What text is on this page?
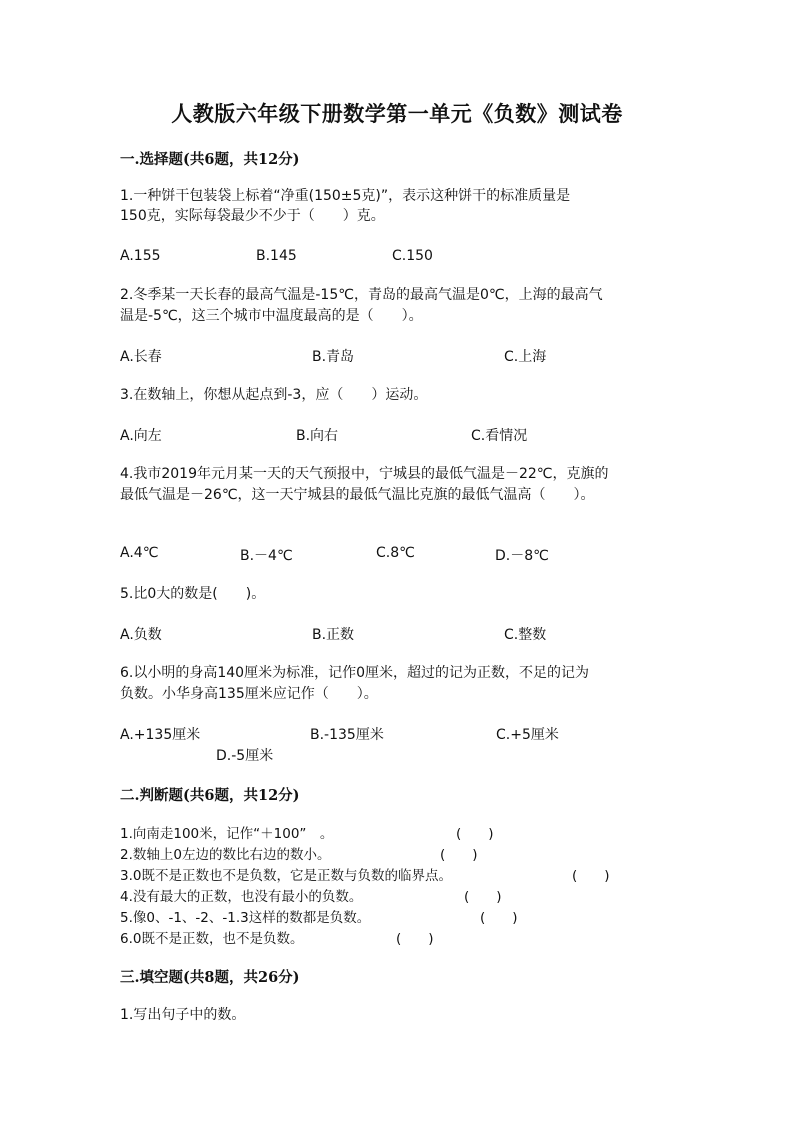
人教版六年级下册数学第一单元《负数》测试卷
一.选择题(共6题，共12分)
1.一种饼干包装袋上标着“净重(150±5克)”，表示这种饼干的标准质量是
150克，实际每袋最少不少于（　　）克。
A.155	B.145	C.150
2.冬季某一天长春的最高气温是-15℃，青岛的最高气温是0℃，上海的最高气
温是-5℃，这三个城市中温度最高的是（　　）。
A.长春	B.青岛	C.上海
3.在数轴上，你想从起点到-3，应（　　）运动。
A.向左	B.向右	C.看情况
4.我市2019年元月某一天的天气预报中，宁城县的最低气温是－22℃，克旗的
最低气温是－26℃，这一天宁城县的最低气温比克旗的最低气温高（　　）。
A.4℃	B.－4℃	C.8℃	D.－8℃
5.比0大的数是(　　)。
A.负数	B.正数	C.整数
6.以小明的身高140厘米为标准，记作0厘米，超过的记为正数，不足的记为
负数。小华身高135厘米应记作（　　）。
A.+135厘米	B.-135厘米	C.+5厘米
D.-5厘米
二.判断题(共6题，共12分)
1.向南走100米，记作“＋100”　。	(　　)
2.数轴上0左边的数比右边的数小。	(　　)
3.0既不是正数也不是负数，它是正数与负数的临界点。	(　　)
4.没有最大的正数，也没有最小的负数。	(　　)
5.像0、-1、-2、-1.3这样的数都是负数。	(　　)
6.0既不是正数，也不是负数。	(　　)
三.填空题(共8题，共26分)
1.写出句子中的数。
